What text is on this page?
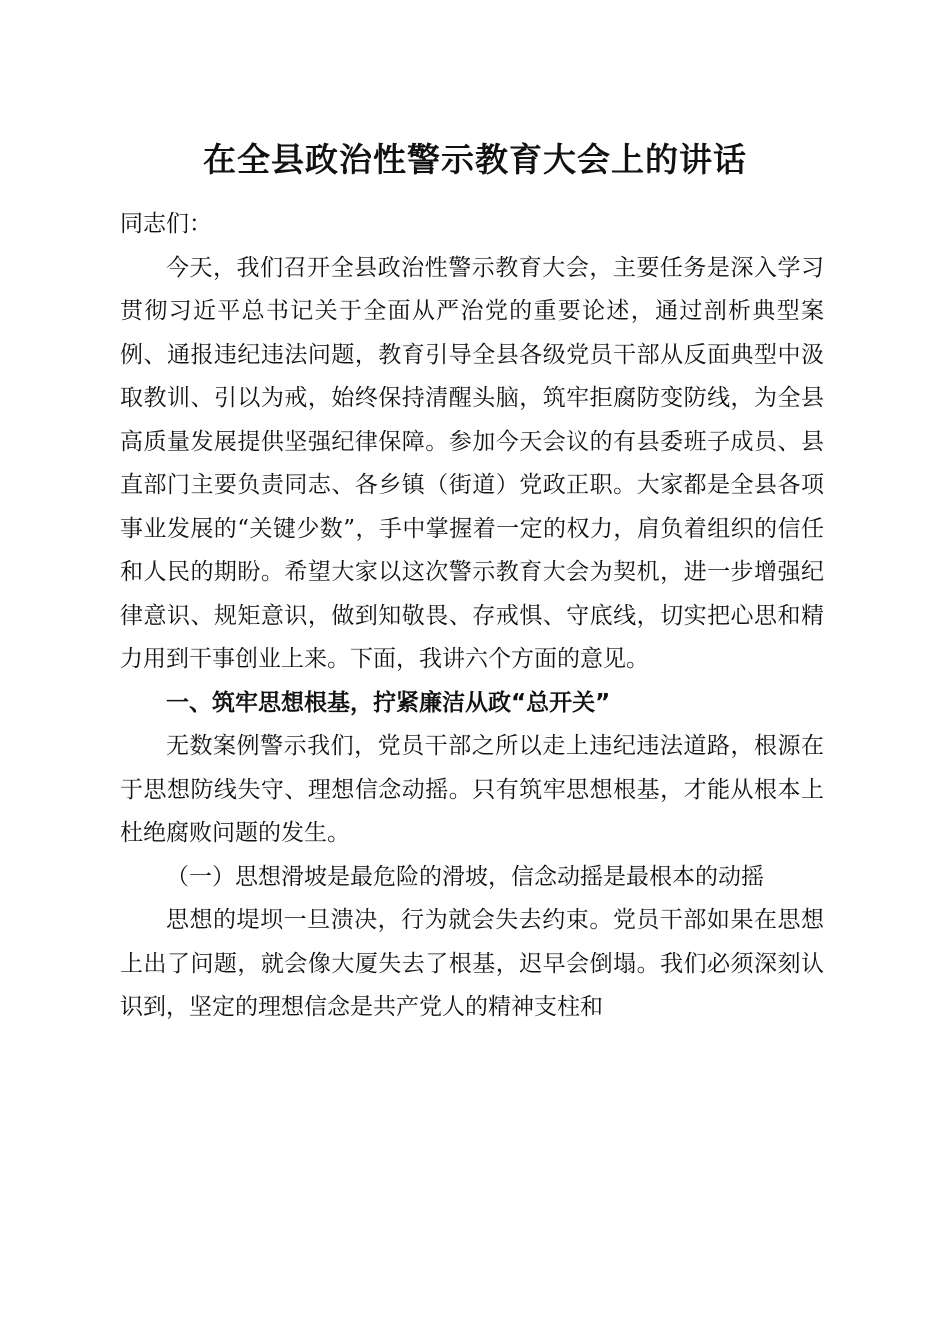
在全县政治性警示教育大会上的讲话

同志们：

今天，我们召开全县政治性警示教育大会，主要任务是深入学习贯彻习近平总书记关于全面从严治党的重要论述，通过剖析典型案例、通报违纪违法问题，教育引导全县各级党员干部从反面典型中汲取教训、引以为戒，始终保持清醒头脑，筑牢拒腐防变防线，为全县高质量发展提供坚强纪律保障。参加今天会议的有县委班子成员、县直部门主要负责同志、各乡镇（街道）党政正职。大家都是全县各项事业发展的“关键少数”，手中掌握着一定的权力，肩负着组织的信任和人民的期盼。希望大家以这次警示教育大会为契机，进一步增强纪律意识、规矩意识，做到知敬畏、存戒惧、守底线，切实把心思和精力用到干事创业上来。下面，我讲六个方面的意见。

一、筑牢思想根基，拧紧廉洁从政“总开关”

无数案例警示我们，党员干部之所以走上违纪违法道路，根源在于思想防线失守、理想信念动摇。只有筑牢思想根基，才能从根本上杜绝腐败问题的发生。

（一）思想滑坡是最危险的滑坡，信念动摇是最根本的动摇

思想的堤坝一旦溃决，行为就会失去约束。党员干部如果在思想上出了问题，就会像大厦失去了根基，迟早会倒塌。我们必须深刻认识到，坚定的理想信念是共产党人的精神支柱和
